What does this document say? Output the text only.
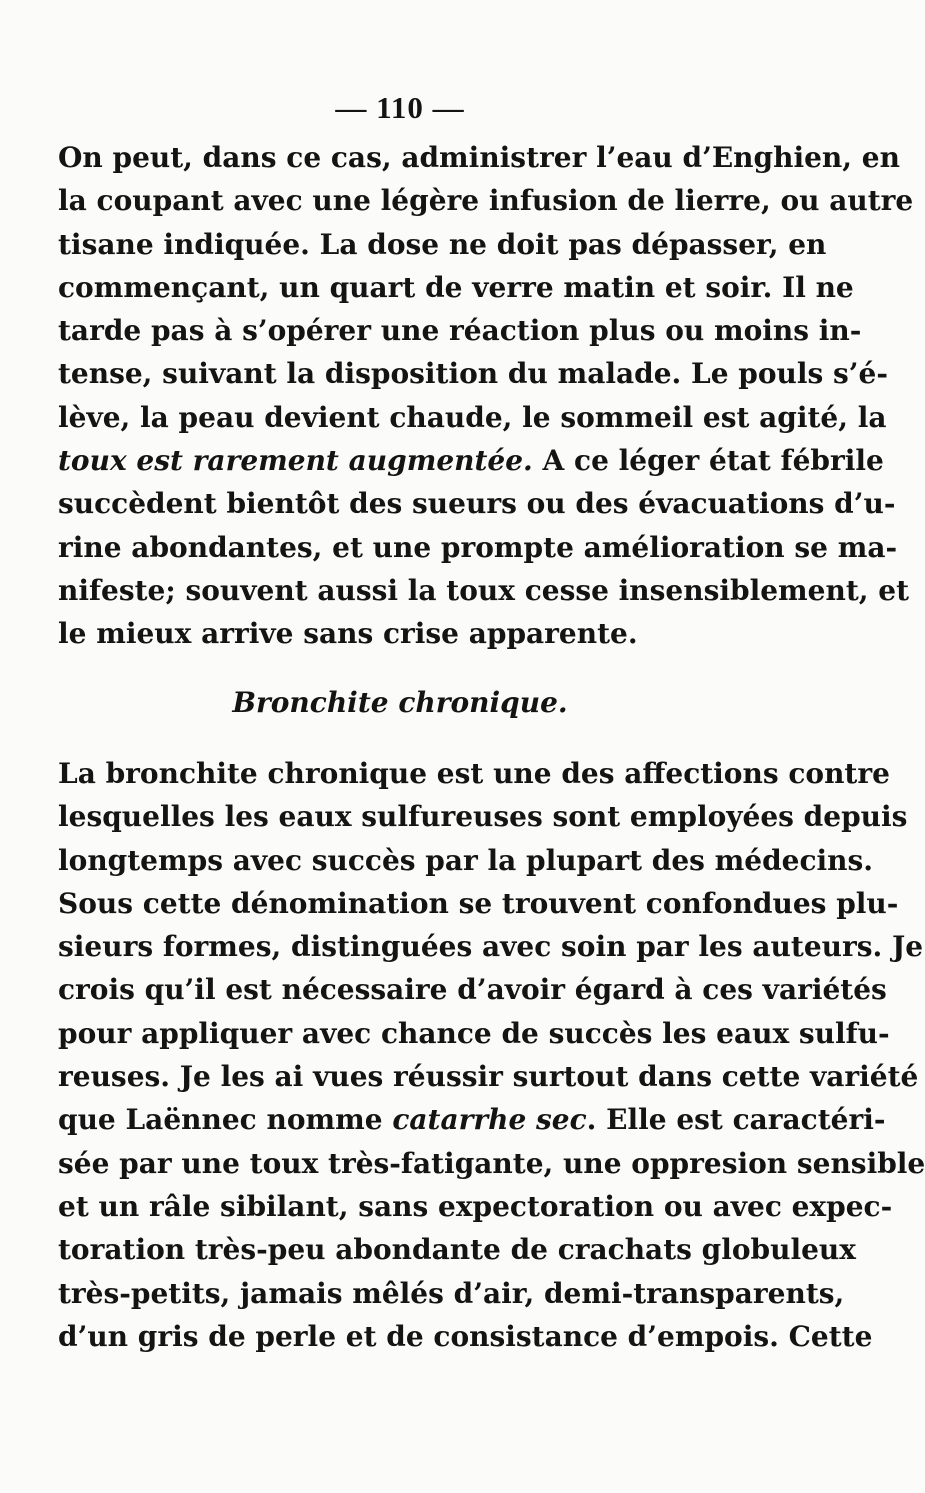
— 110 —
On peut, dans ce cas, administrer l’eau d’Enghien, en
la coupant avec une légère infusion de lierre, ou autre
tisane indiquée. La dose ne doit pas dépasser, en
commençant, un quart de verre matin et soir. Il ne
tarde pas à s’opérer une réaction plus ou moins in-
tense, suivant la disposition du malade. Le pouls s’é-
lève, la peau devient chaude, le sommeil est agité, la
toux est rarement augmentée. A ce léger état fébrile
succèdent bientôt des sueurs ou des évacuations d’u-
rine abondantes, et une prompte amélioration se ma-
nifeste; souvent aussi la toux cesse insensiblement, et
le mieux arrive sans crise apparente.
Bronchite chronique.
La bronchite chronique est une des affections contre
lesquelles les eaux sulfureuses sont employées depuis
longtemps avec succès par la plupart des médecins.
Sous cette dénomination se trouvent confondues plu-
sieurs formes, distinguées avec soin par les auteurs. Je
crois qu’il est nécessaire d’avoir égard à ces variétés
pour appliquer avec chance de succès les eaux sulfu-
reuses. Je les ai vues réussir surtout dans cette variété
que Laënnec nomme catarrhe sec. Elle est caractéri-
sée par une toux très-fatigante, une oppresion sensible
et un râle sibilant, sans expectoration ou avec expec-
toration très-peu abondante de crachats globuleux
très-petits, jamais mêlés d’air, demi-transparents,
d’un gris de perle et de consistance d’empois. Cette
